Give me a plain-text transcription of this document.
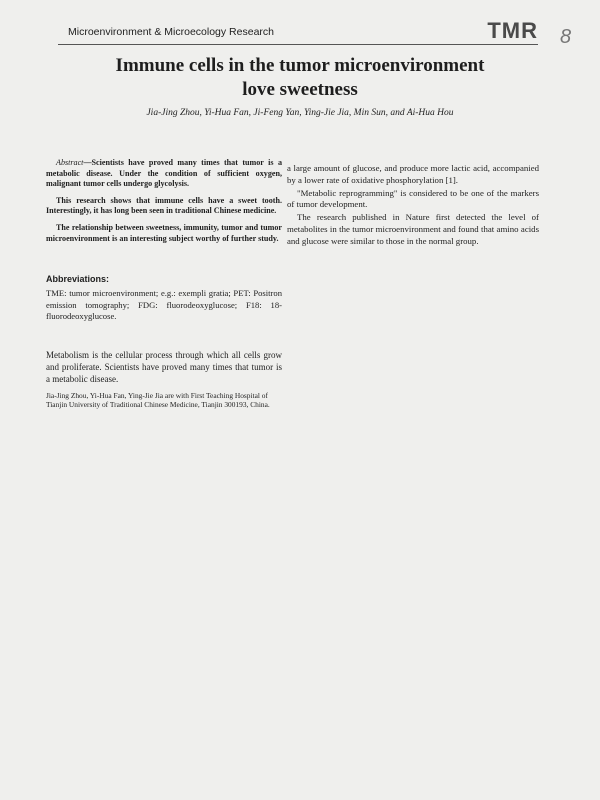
Microenvironment & Microecology Research	TMR 8
Immune cells in the tumor microenvironment
love sweetness
Jia-Jing Zhou, Yi-Hua Fan, Ji-Feng Yan, Ying-Jie Jia, Min Sun, and Ai-Hua Hou

Abstract—Scientists have proved many times that tumor is a metabolic disease. Under the condition of sufficient oxygen, malignant tumor cells undergo glycolysis.

This research shows that immune cells have a sweet tooth. Interestingly, it has long been seen in traditional Chinese medicine.

The relationship between sweetness, immunity, tumor and tumor microenvironment is an interesting subject worthy of further study.

Abbreviations:

TME: tumor microenvironment; e.g.: exempli gratia; PET: Positron emission tomography; FDG: fluorodeoxyglucose; F18: 18-fluorodeoxyglucose.

Metabolism is the cellular process through which all cells grow and proliferate. Scientists have proved many times that tumor is a metabolic disease.

Jia-Jing Zhou, Yi-Hua Fan, Ying-Jie Jia are with First Teaching Hospital of Tianjin University of Traditional Chinese Medicine, Tianjin 300193, China.

a large amount of glucose, and produce more lactic acid, accompanied by a lower rate of oxidative phosphorylation [1].

"Metabolic reprogramming" is considered to be one of the markers of tumor development.

The research published in Nature first detected the level of metabolites in the tumor microenvironment and found that amino acids and glucose were similar to those in the normal group.
